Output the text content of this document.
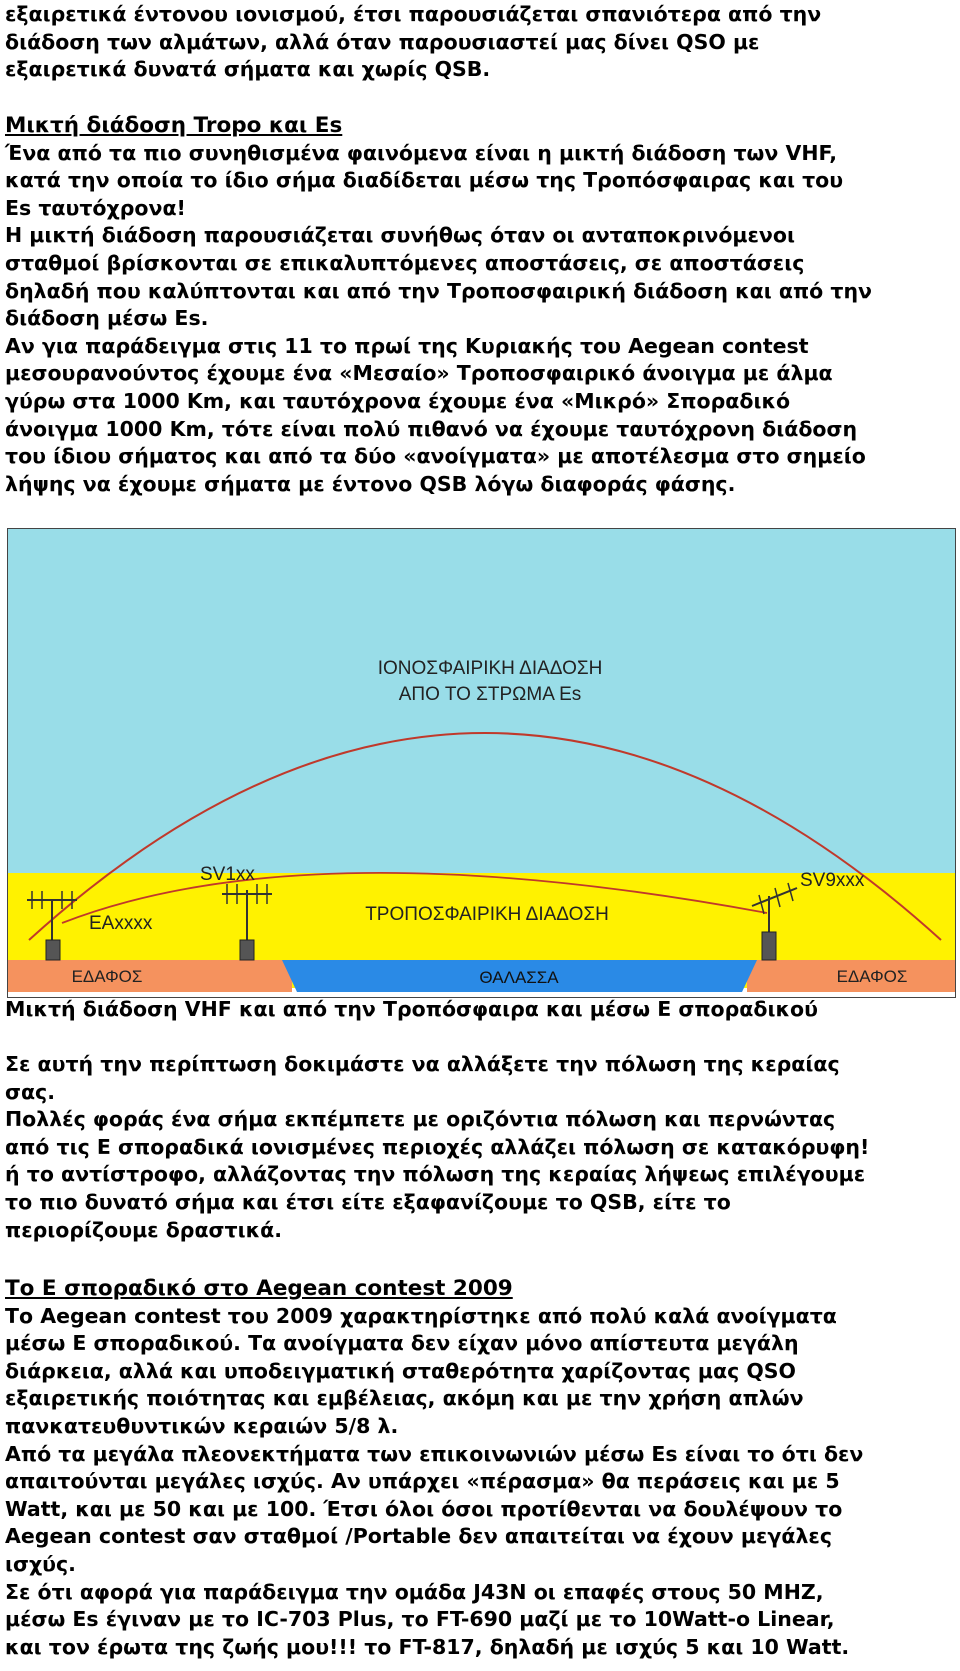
εξαιρετικά έντονου ιονισμού, έτσι παρουσιάζεται σπανιότερα από την

διάδοση των αλμάτων, αλλά όταν παρουσιαστεί μας δίνει QSO με

εξαιρετικά δυνατά σήματα και χωρίς QSB.

Μικτή διάδοση Tropo και Es

Ένα από τα πιο συνηθισμένα φαινόμενα είναι η μικτή διάδοση των VHF,

κατά την οποία το ίδιο σήμα διαδίδεται μέσω της Τροπόσφαιρας και του

Es ταυτόχρονα!

Η μικτή διάδοση παρουσιάζεται συνήθως όταν οι ανταποκρινόμενοι

σταθμοί βρίσκονται σε επικαλυπτόμενες αποστάσεις, σε αποστάσεις

δηλαδή που καλύπτονται και από την Τροποσφαιρική διάδοση και από την

διάδοση μέσω Es.

Αν για παράδειγμα στις 11 το πρωί της Κυριακής του Aegean contest

μεσουρανούντος έχουμε ένα «Μεσαίο» Τροποσφαιρικό άνοιγμα με άλμα

γύρω στα 1000 Km, και ταυτόχρονα έχουμε ένα «Μικρό» Σποραδικό

άνοιγμα 1000 Km, τότε είναι πολύ πιθανό να έχουμε ταυτόχρονη διάδοση

του ίδιου σήματος και από τα δύο «ανοίγματα» με αποτέλεσμα στο σημείο

λήψης να έχουμε σήματα με έντονο QSB λόγω διαφοράς φάσης.

ΙΟΝΟΣΦΑΙΡΙΚΗ ΔΙΑΔΟΣΗ
ΑΠΟ ΤΟ ΣΤΡΩΜΑ Es
ΤΡΟΠΟΣΦΑΙΡΙΚΗ ΔΙΑΔΟΣΗ
EAxxxx
SV1xx	SV9xxx
ΕΔΑΦΟΣ	ΘΑΛΑΣΣΑ	ΕΔΑΦΟΣ

Μικτή διάδοση VHF και από την Τροπόσφαιρα και μέσω Ε σποραδικού

Σε αυτή την περίπτωση δοκιμάστε να αλλάξετε την πόλωση της κεραίας

σας.

Πολλές φοράς ένα σήμα εκπέμπετε με οριζόντια πόλωση και περνώντας

από τις Ε σποραδικά ιονισμένες περιοχές αλλάζει πόλωση σε κατακόρυφη!

ή το αντίστροφο, αλλάζοντας την πόλωση της κεραίας λήψεως επιλέγουμε

το πιο δυνατό σήμα και έτσι είτε εξαφανίζουμε το QSB, είτε το

περιορίζουμε δραστικά.

Το Ε σποραδικό στο Aegean contest 2009

Το Aegean contest του 2009 χαρακτηρίστηκε από πολύ καλά ανοίγματα

μέσω Ε σποραδικού. Τα ανοίγματα δεν είχαν μόνο απίστευτα μεγάλη

διάρκεια, αλλά και υποδειγματική σταθερότητα χαρίζοντας μας QSO

εξαιρετικής ποιότητας και εμβέλειας, ακόμη και με την χρήση απλών

πανκατευθυντικών κεραιών 5/8 λ.

Από τα μεγάλα πλεονεκτήματα των επικοινωνιών μέσω Es είναι το ότι δεν

απαιτούνται μεγάλες ισχύς. Αν υπάρχει «πέρασμα» θα περάσεις και με 5

Watt, και με 50 και με 100. Έτσι όλοι όσοι προτίθενται να δουλέψουν το

Aegean contest σαν σταθμοί /Portable δεν απαιτείται να έχουν μεγάλες

ισχύς.

Σε ότι αφορά για παράδειγμα την ομάδα J43N οι επαφές στους 50 MHZ,

μέσω Es έγιναν με το IC-703 Plus, το FT-690 μαζί με το 10Watt-o Linear,

και τον έρωτα της ζωής μου!!! το FT-817, δηλαδή με ισχύς 5 και 10 Watt.
